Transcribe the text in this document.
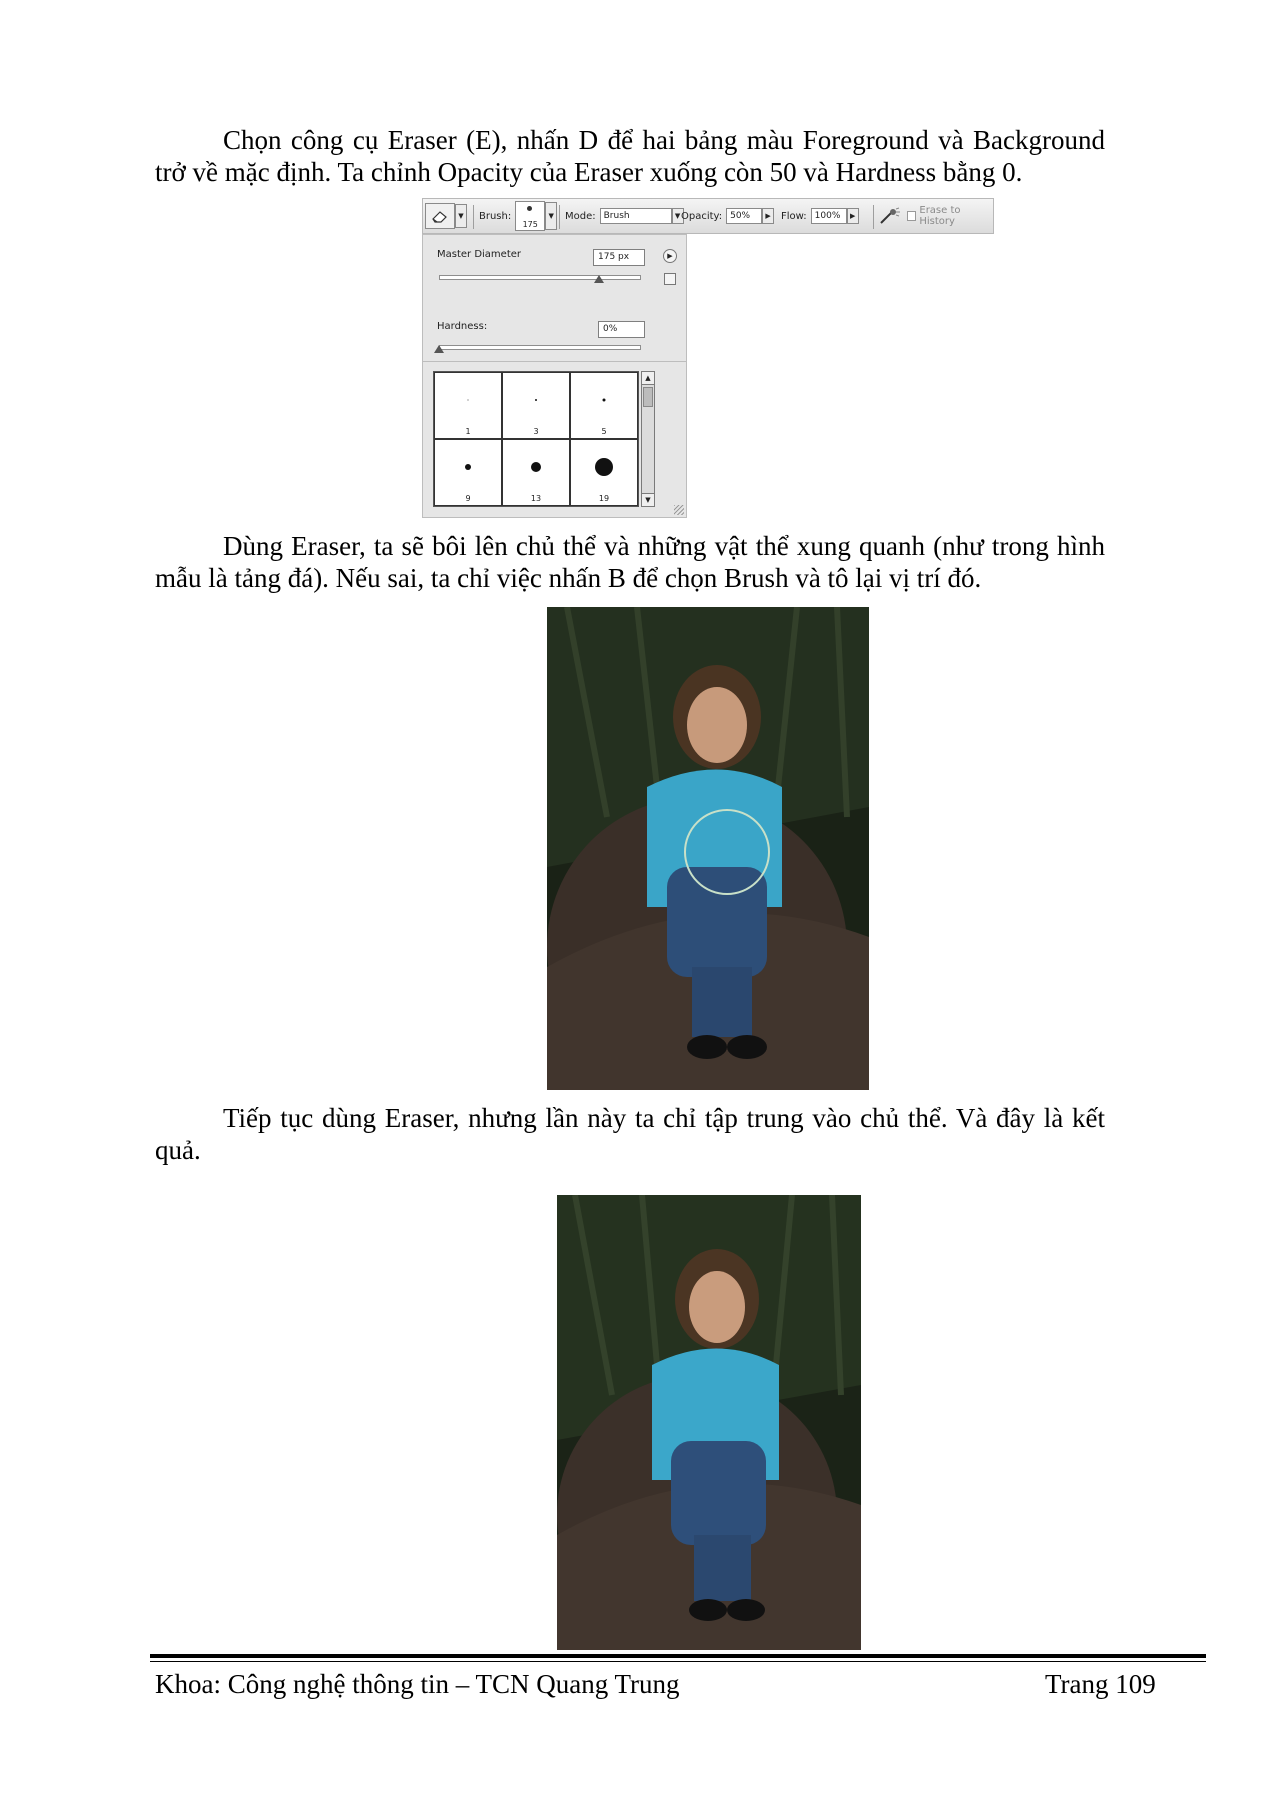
Chọn công cụ Eraser (E), nhấn D để hai bảng màu Foreground và Background trở về mặc định. Ta chỉnh Opacity của Eraser xuống còn 50 và Hardness bằng 0.

▼	Brush:
175
▼	Mode: Brush	▼ Opacity: 50%	▶	Flow: 100%	▶	Erase to History
Master Diameter	175 px	▶
Hardness:	0%
1	3	5
9	13	19
▲
▼

Dùng Eraser, ta sẽ bôi lên chủ thể và những vật thể xung quanh (như trong hình mẫu là tảng đá). Nếu sai, ta chỉ việc nhấn B để chọn Brush và tô lại vị trí đó.

Tiếp tục dùng Eraser, nhưng lần này ta chỉ tập trung vào chủ thể. Và đây là kết quả.

Khoa: Công nghệ thông tin – TCN Quang Trung	Trang 109
